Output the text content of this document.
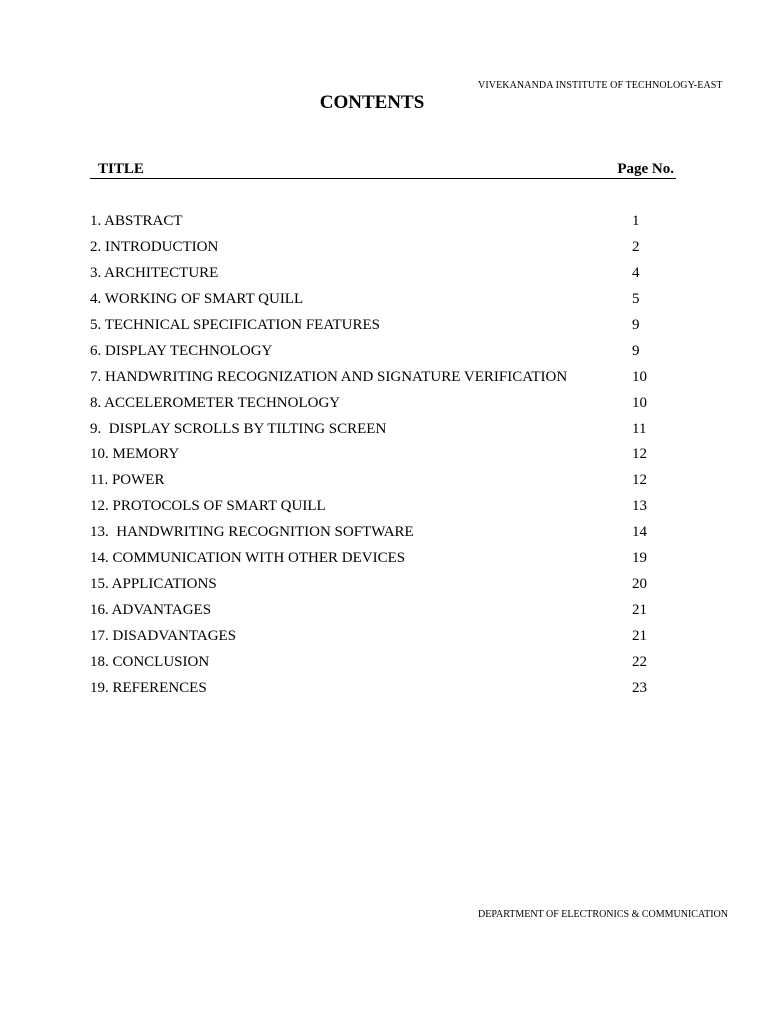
VIVEKANANDA INSTITUTE OF TECHNOLOGY-EAST
CONTENTS
TITLE	Page No.
1. ABSTRACT	1
2. INTRODUCTION	2
3. ARCHITECTURE	4
4. WORKING OF SMART QUILL	5
5. TECHNICAL SPECIFICATION FEATURES	9
6. DISPLAY TECHNOLOGY	9
7. HANDWRITING RECOGNIZATION AND SIGNATURE VERIFICATION	10
8. ACCELEROMETER TECHNOLOGY	10
9.  DISPLAY SCROLLS BY TILTING SCREEN	11
10. MEMORY	12
11. POWER	12
12. PROTOCOLS OF SMART QUILL	13
13.  HANDWRITING RECOGNITION SOFTWARE	14
14. COMMUNICATION WITH OTHER DEVICES	19
15. APPLICATIONS	20
16. ADVANTAGES	21
17. DISADVANTAGES	21
18. CONCLUSION	22
19. REFERENCES	23
DEPARTMENT OF ELECTRONICS & COMMUNICATION
